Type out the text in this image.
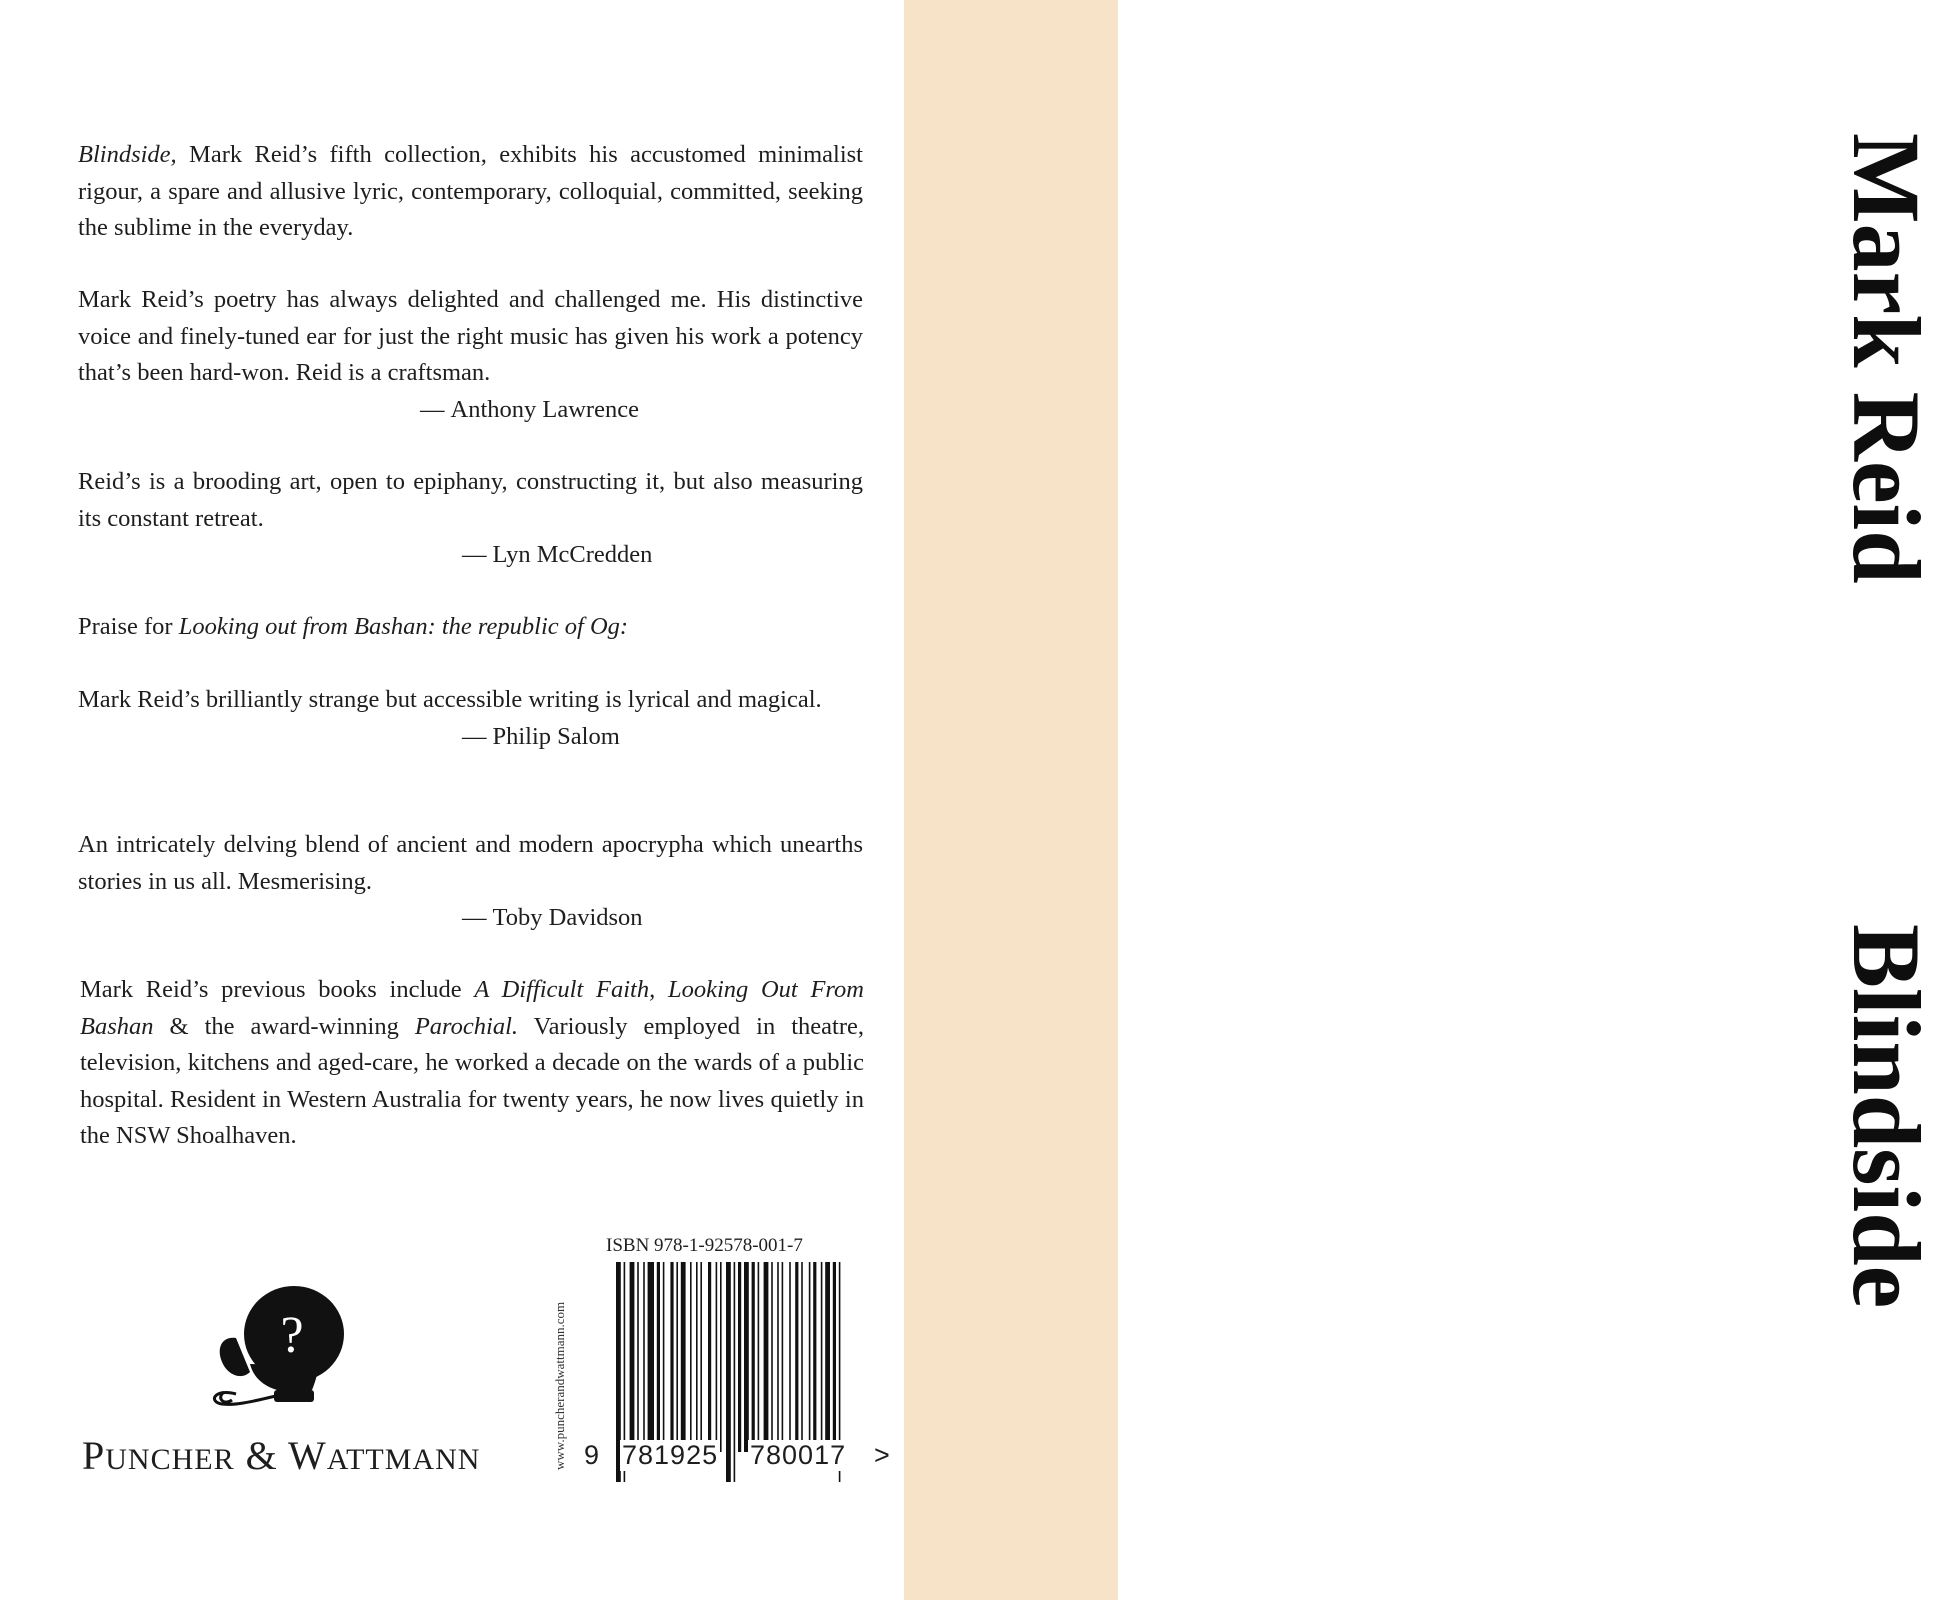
Mark Reid
Blindside

Blindside, Mark Reid’s fifth collection, exhibits his accustomed minimalist rigour, a spare and allusive lyric, contemporary, colloquial, committed, seeking the sublime in the everyday.

Mark Reid’s poetry has always delighted and challenged me. His distinctive voice and finely-tuned ear for just the right music has given his work a potency that’s been hard-won. Reid is a craftsman.

— Anthony Lawrence

Reid’s is a brooding art, open to epiphany, constructing it, but also measuring its constant retreat.

— Lyn McCredden

Praise for Looking out from Bashan: the republic of Og:

Mark Reid’s brilliantly strange but accessible writing is lyrical and magical.

— Philip Salom

An intricately delving blend of ancient and modern apocrypha which unearths stories in us all. Mesmerising.

— Toby Davidson

Mark Reid’s previous books include A Difficult Faith, Looking Out From Bashan & the award-winning Parochial. Variously employed in theatre, television, kitchens and aged-care, he worked a decade on the wards of a public hospital. Resident in Western Australia for twenty years, he now lives quietly in the NSW Shoalhaven.

?
PUNCHER & WATTMANN	www.puncherandwattmann.com
ISBN 978-1-92578-001-7
9 781925 780017 >
